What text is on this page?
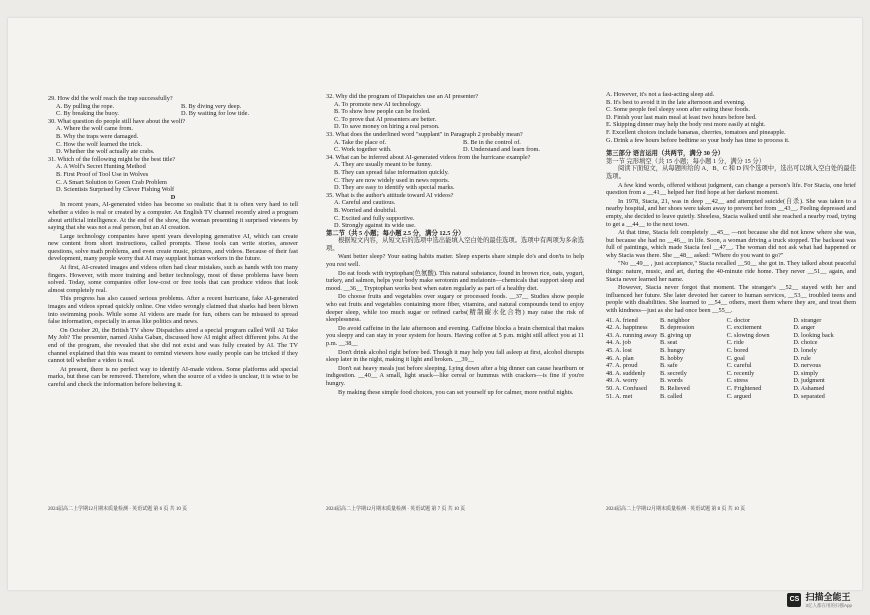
29. How did the wolf reach the trap successfully?

A. By pulling the rope.	B. By diving very deep.
C. By breaking the buoy.	D. By waiting for low tide.

30. What question do people still have about the wolf?

A. Where the wolf came from.
B. Why the traps were damaged.
C. How the wolf learned the trick.
D. Whether the wolf actually ate crabs.

31. Which of the following might be the best title?

A. A Wolf's Secret Hunting Method
B. First Proof of Tool Use in Wolves
C. A Smart Solution to Green Crab Problem
D. Scientists Surprised by Clever Fishing Wolf
D

In recent years, AI-generated video has become so realistic that it is often very hard to tell whether a video is real or created by a computer. An English TV channel recently aired a program about artificial intelligence. At the end of the show, the woman presenting it surprised viewers by saying that she was not a real person, but an AI creation.

Large technology companies have spent years developing generative AI, which can create new content from short instructions, called prompts. These tools can write stories, answer questions, solve math problems, and even create music, pictures, and videos. Because of their fast development, many people worry that AI may supplant human workers in the future.

At first, AI-created images and videos often had clear mistakes, such as hands with too many fingers. However, with more training and better technology, most of these problems have been solved. Today, some companies offer low-cost or free tools that can produce videos that look almost completely real.

This progress has also caused serious problems. After a recent hurricane, fake AI-generated images and videos spread quickly online. One video wrongly claimed that sharks had been blown into swimming pools. While some AI videos are made for fun, others can be misused to spread false information, especially in areas like politics and news.

On October 20, the British TV show Dispatches aired a special program called Will AI Take My Job? The presenter, named Aisha Gaban, discussed how AI might affect different jobs. At the end of the program, she revealed that she did not exist and was fully created by AI. The TV channel explained that this was meant to remind viewers how easily people can be tricked if they cannot tell whether a video is real.

At present, there is no perfect way to identify AI-made videos. Some platforms add special marks, but these can be removed. Therefore, when the source of a video is unclear, it is wise to be careful and check the information before believing it.

32. Why did the program of Dispatches use an AI presenter?

A. To promote new AI technology.
B. To show how people can be fooled.
C. To prove that AI presenters are better.
D. To save money on hiring a real person.

33. What does the underlined word "supplant" in Paragraph 2 probably mean?

A. Take the place of.	B. Be in the control of.
C. Work together with.	D. Understand and learn from.

34. What can be inferred about AI-generated videos from the hurricane example?

A. They are usually meant to be funny.
B. They can spread false information quickly.
C. They are now widely used in news reports.
D. They are easy to identify with special marks.

35. What is the author's attitude toward AI videos?

A. Careful and cautious.
B. Worried and doubtful.
C. Excited and fully supportive.
D. Strongly against its wide use.

第二节（共 5 小题；每小题 2.5 分，满分 12.5 分）

根据短文内容，从短文后的选项中选出能填入空白处的最佳选项。选项中有两项为多余选项。

Want better sleep? Your eating habits matter. Sleep experts share simple do's and don'ts to help you rest well.

Do eat foods with tryptophan(色氨酸). This natural substance, found in brown rice, oats, yogurt, turkey, and salmon, helps your body make serotonin and melatonin—chemicals that support sleep and mood. __36__ Tryptophan works best when eaten regularly as part of a healthy diet.

Do choose fruits and vegetables over sugary or processed foods. __37__ Studies show people who eat fruits and vegetables containing more fiber, vitamins, and natural compounds tend to enjoy deeper sleep, while too much sugar or refined carbs(精制碳水化合物) may raise the risk of sleeplessness.

Do avoid caffeine in the late afternoon and evening. Caffeine blocks a brain chemical that makes you sleepy and can stay in your system for hours. Having coffee at 5 p.m. might still affect you at 11 p.m. __38__

Don't drink alcohol right before bed. Though it may help you fall asleep at first, alcohol disrupts sleep later in the night, making it light and broken. __39__

Don't eat heavy meals just before sleeping. Lying down after a big dinner can cause heartburn or indigestion. __40__ A small, light snack—like cereal or hummus with crackers—is fine if you're hungry.

By making these simple food choices, you can set yourself up for calmer, more restful nights.

A. However, it's not a fast-acting sleep aid.
B. It's best to avoid it in the late afternoon and evening.
C. Some people feel sleepy soon after eating these foods.
D. Finish your last main meal at least two hours before bed.
E. Skipping dinner may help the body rest more easily at night.
F. Excellent choices include bananas, cherries, tomatoes and pineapple.
G. Drink a few hours before bedtime so your body has time to process it.

第三部分 语言运用（共两节，满分 30 分）

第一节 完形填空（共 15 小题；每小题 1 分，满分 15 分）

阅读下面短文，从每题所给的 A、B、C 和 D 四个选项中，选出可以填入空白处的最佳选项。

A few kind words, offered without judgment, can change a person's life. For Stacia, one brief question from a __41__ helped her find hope at her darkest moment.

In 1978, Stacia, 21, was in deep __42__ and attempted suicide(自杀). She was taken to a nearby hospital, and her shoes were taken away to prevent her from __43__. Feeling depressed and empty, she decided to leave quietly. Shoeless, Stacia walked until she reached a nearby road, trying to get a __44__ to the next town.

At that time, Stacia felt completely __45__ —not because she did not know where she was, but because she had no __46__ in life. Soon, a woman driving a truck stopped. The backseat was full of paintings, which made Stacia feel __47__. The woman did not ask what had happened or why Stacia was there. She __48__ asked: "Where do you want to go?"

"No __49__ , just acceptance," Stacia recalled __50__ she got in. They talked about peaceful things: nature, music, and art, during the 40-minute ride home. They never __51__ again, and Stacia never learned her name.

However, Stacia never forgot that moment. The stranger's __52__ stayed with her and influenced her future. She later devoted her career to human services, __53__ troubled teens and people with disabilities. She learned to __54__ others, meet them where they are, and treat them with kindness—just as she had once been __55__.

41. A. friend	B. neighbor	C. doctor	D. stranger
42. A. happiness	B. depression	C. excitement	D. anger
43. A. running away B. giving up	C. slowing down	D. looking back
44. A. job	B. seat	C. ride	D. choice
45. A. lost	B. hungry	C. bored	D. lonely
46. A. plan	B. hobby	C. goal	D. rule
47. A. proud	B. safe	C. careful	D. nervous
48. A. suddenly	B. secretly	C. recently	D. simply
49. A. worry	B. words	C. stress	D. judgment
50. A. Confused	B. Relieved	C. Frightened	D. Ashamed
51. A. met	B. called	C. argued	D. separated
2024届高二上学期12月期末质量检测 · 英语试题 第 6 页 共 10 页	2024届高二上学期12月期末质量检测 · 英语试题 第 7 页 共 10 页	2024届高二上学期12月期末质量检测 · 英语试题 第 8 页 共 10 页
CS 扫描全能王
3亿人都在用的扫描App
